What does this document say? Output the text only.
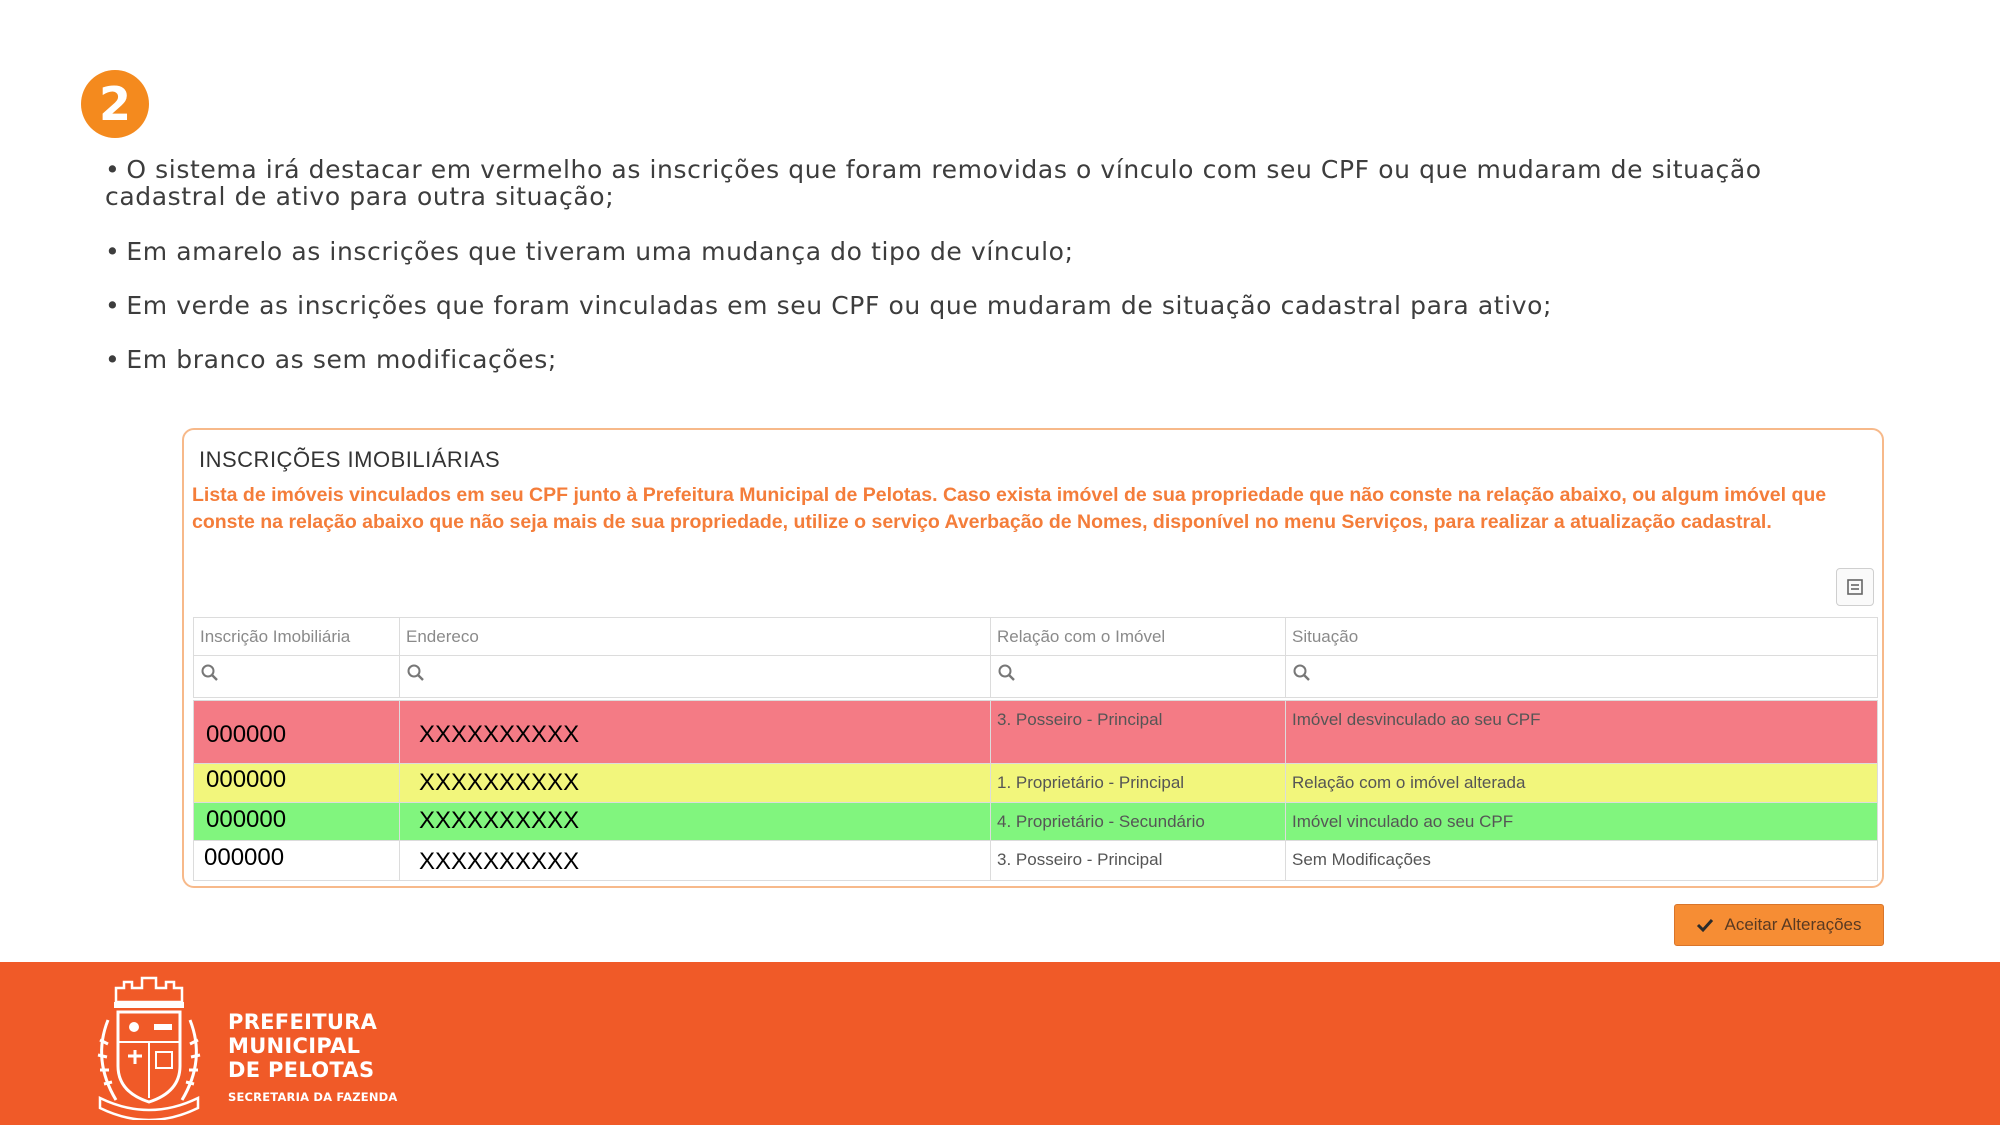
2
• O sistema irá destacar em vermelho as inscrições que foram removidas o vínculo com seu CPF ou que mudaram de situação
cadastral de ativo para outra situação;
• Em amarelo as inscrições que tiveram uma mudança do tipo de vínculo;
• Em verde as inscrições que foram vinculadas em seu CPF ou que mudaram de situação cadastral para ativo;
• Em branco as sem modificações;
INSCRIÇÕES IMOBILIÁRIAS
Lista de imóveis vinculados em seu CPF junto à Prefeitura Municipal de Pelotas. Caso exista imóvel de sua propriedade que não conste na relação abaixo, ou algum imóvel que conste na relação abaixo que não seja mais de sua propriedade, utilize o serviço Averbação de Nomes, disponível no menu Serviços, para realizar a atualização cadastral.
Inscrição Imobiliária	Endereco	Relação com o Imóvel	Situação

000000	XXXXXXXXXX	3. Posseiro - Principal	Imóvel desvinculado ao seu CPF
000000	XXXXXXXXXX	1. Proprietário - Principal	Relação com o imóvel alterada
000000	XXXXXXXXXX	4. Proprietário - Secundário	Imóvel vinculado ao seu CPF
000000	XXXXXXXXXX	3. Posseiro - Principal	Sem Modificações
Aceitar Alterações
PREFEITURA
MUNICIPAL
DE PELOTAS
SECRETARIA DA FAZENDA
